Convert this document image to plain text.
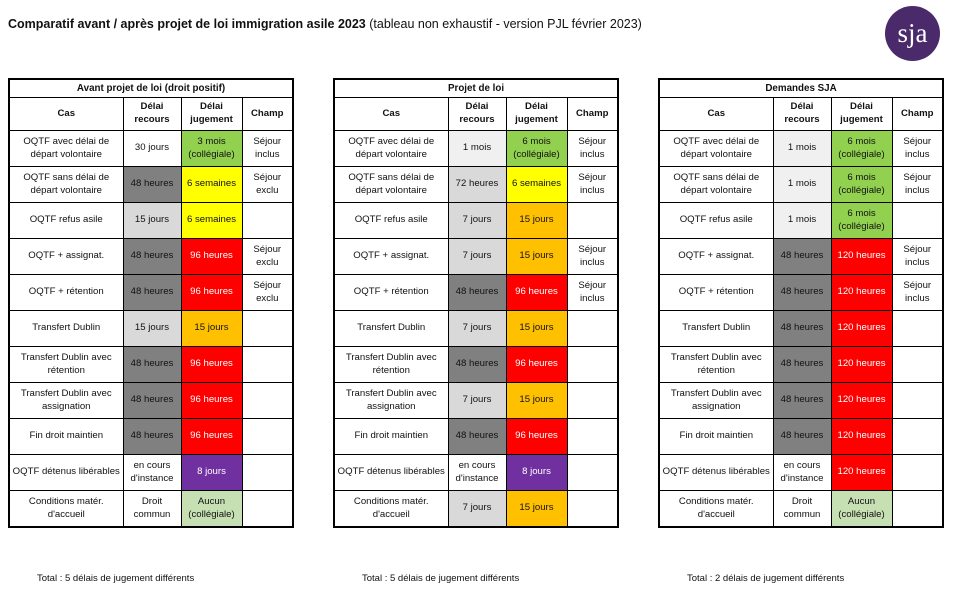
Comparatif avant / après projet de loi immigration asile 2023 (tableau non exhaustif - version PJL février 2023)	sja
Avant projet de loi (droit positif)			
Cas	Délai recours	Délai jugement	Champ
OQTF avec délai de départ volontaire	30 jours	3 mois (collégiale)	Séjour inclus
OQTF sans délai de départ volontaire	48 heures	6 semaines	Séjour exclu
OQTF refus asile	15 jours	6 semaines	
OQTF + assignat.	48 heures	96 heures	Séjour exclu
OQTF + rétention	48 heures	96 heures	Séjour exclu
Transfert Dublin	15 jours	15 jours	
Transfert Dublin avec rétention	48 heures	96 heures	
Transfert Dublin avec assignation	48 heures	96 heures	
Fin droit maintien	48 heures	96 heures	
OQTF détenus libérables	en cours d'instance	8 jours	
Conditions matér. d'accueil	Droit commun	Aucun (collégiale)	
Projet de loi			
Cas	Délai recours	Délai jugement	Champ
OQTF avec délai de départ volontaire	1 mois	6 mois (collégiale)	Séjour inclus
OQTF sans délai de départ volontaire	72 heures	6 semaines	Séjour inclus
OQTF refus asile	7 jours	15 jours	
OQTF + assignat.	7 jours	15 jours	Séjour inclus
OQTF + rétention	48 heures	96 heures	Séjour inclus
Transfert Dublin	7 jours	15 jours	
Transfert Dublin avec rétention	48 heures	96 heures	
Transfert Dublin avec assignation	7 jours	15 jours	
Fin droit maintien	48 heures	96 heures	
OQTF détenus libérables	en cours d'instance	8 jours	
Conditions matér. d'accueil	7 jours	15 jours	
Demandes SJA			
Cas	Délai recours	Délai jugement	Champ
OQTF avec délai de départ volontaire	1 mois	6 mois (collégiale)	Séjour inclus
OQTF sans délai de départ volontaire	1 mois	6 mois (collégiale)	Séjour inclus
OQTF refus asile	1 mois	6 mois (collégiale)	
OQTF + assignat.	48 heures	120 heures	Séjour inclus
OQTF + rétention	48 heures	120 heures	Séjour inclus
Transfert Dublin	48 heures	120 heures	
Transfert Dublin avec rétention	48 heures	120 heures	
Transfert Dublin avec assignation	48 heures	120 heures	
Fin droit maintien	48 heures	120 heures	
OQTF détenus libérables	en cours d'instance	120 heures	
Conditions matér. d'accueil	Droit commun	Aucun (collégiale)	
Total : 5 délais de jugement différents	Total : 5 délais de jugement différents	Total : 2 délais de jugement différents
